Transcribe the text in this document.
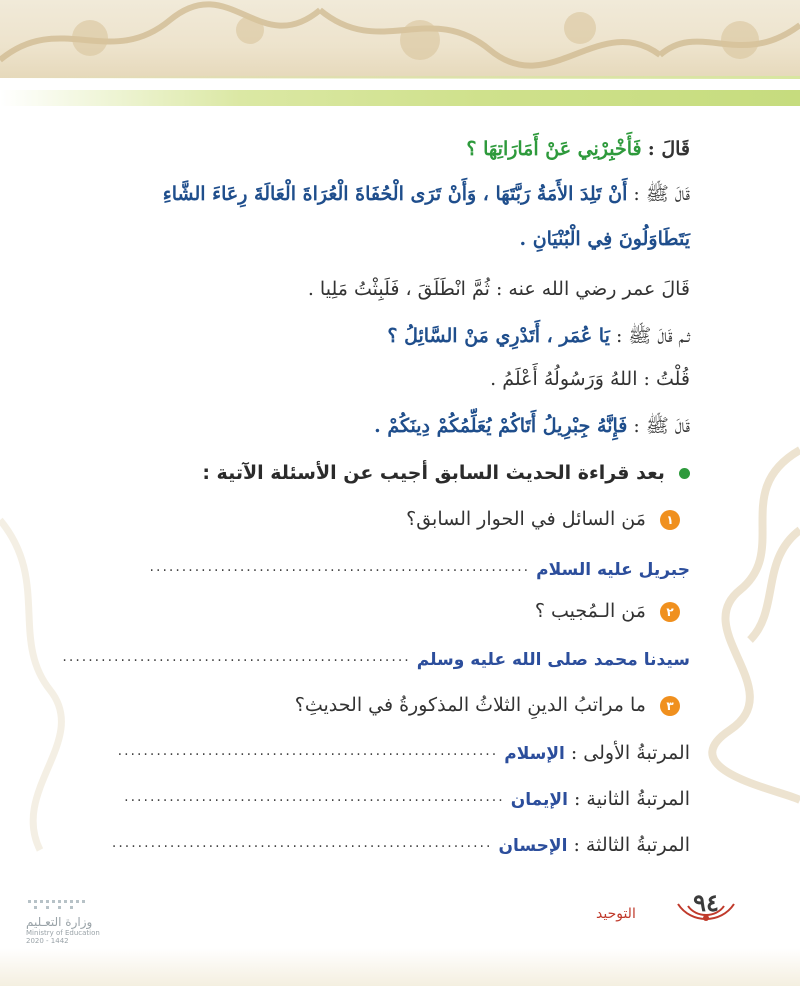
قَالَ : فَأَخْبِرْنِي عَنْ أَمَارَاتِهَا ؟
قَالَ ﷺ : أَنْ تَلِدَ الأَمَةُ رَبَّتَهَا ، وَأَنْ تَرَى الْحُفَاةَ الْعُرَاةَ الْعَالَةَ رِعَاءَ الشَّاءِ
يَتَطَاوَلُونَ فِي الْبُنْيَانِ .
قَالَ عمر رضي الله عنه : ثُمَّ انْطَلَقَ ، فَلَبِثْتُ مَلِيا .
ثـم قَالَ ﷺ : يَا عُمَر ، أَتَدْرِي مَنْ السَّائِلُ ؟
قُلْتُ : اللهُ وَرَسُولُهُ أَعْلَمُ .
قَالَ ﷺ : فَإِنَّهُ جِبْرِيلُ أَتَاكُمْ يُعَلِّمُكُمْ دِينَكُمْ .
بعد قراءة الحديث السابق أجيب عن الأسئلة الآتية :
١ مَن السائل في الحوار السابق؟
جبريل عليه السلام ...........................................................
٢ مَن الـمُجيب ؟
سيدنا محمد صلى الله عليه وسلم ......................................................
٣ ما مراتبُ الدينِ الثلاثُ المذكورةُ في الحديثِ؟
المرتبةُ الأولى : الإسلام ...........................................................
المرتبةُ الثانية : الإيمان ...........................................................
المرتبةُ الثالثة : الإحسان ...........................................................
٩٤
التوحيد
وزارة التعـليم
Ministry of Education
2020 - 1442
